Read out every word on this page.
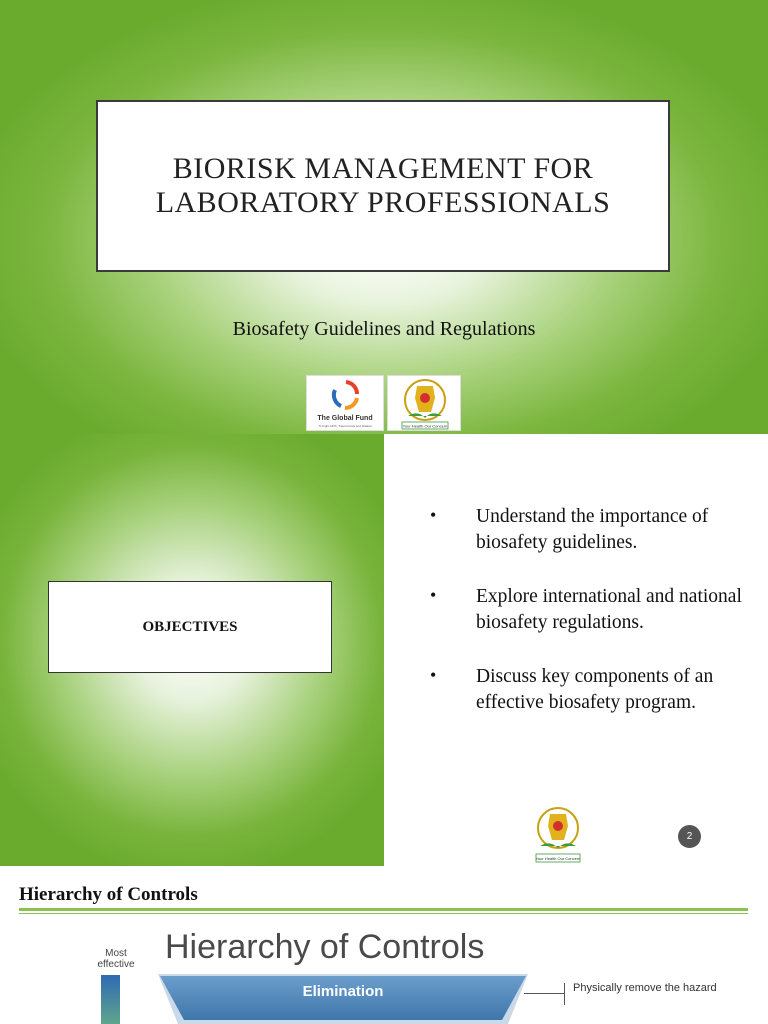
BIORISK MANAGEMENT FOR
LABORATORY PROFESSIONALS
Biosafety Guidelines and Regulations
The Global Fund
To Fight AIDS, Tuberculosis and Malaria	Your Health Our Concern
OBJECTIVES
• Understand the importance of biosafety guidelines.
• Explore international and national biosafety regulations.
• Discuss key components of an effective biosafety program.
Your Health Our Concern
2
Hierarchy of Controls
Most effective Hierarchy of Controls
Elimination	Physically remove the hazard
